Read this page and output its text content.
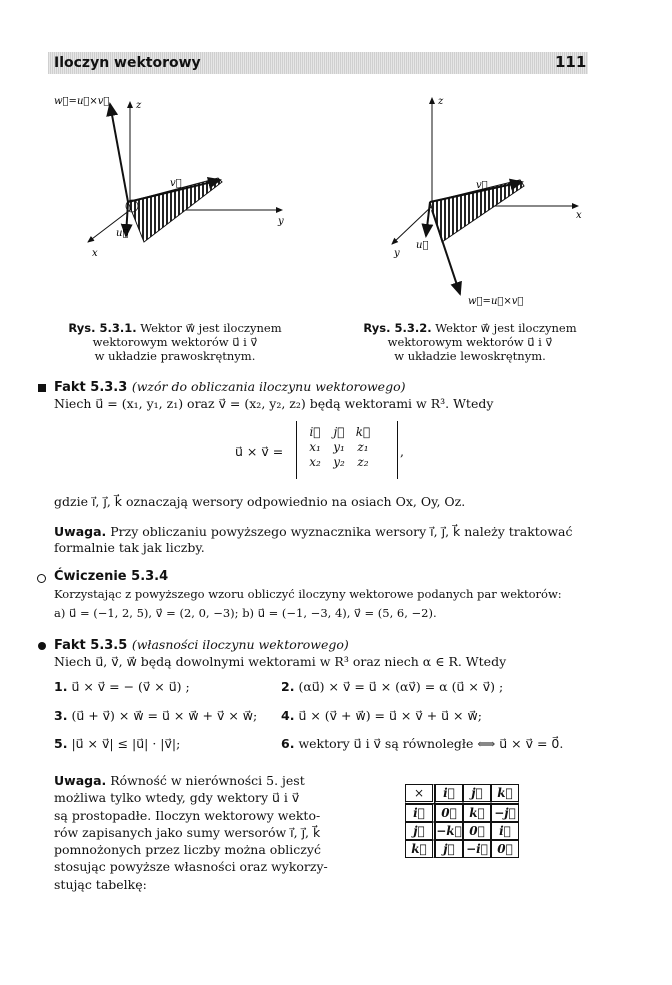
Iloczyn wektorowy	111
w⃗=u⃗×v⃗	z
y
x
v⃗
u⃗
Rys. 5.3.1. Wektor w⃗ jest iloczynem
wektorowym wektorów u⃗ i v⃗
w układzie prawoskrętnym.
z
x
y
v⃗
u⃗
w⃗=u⃗×v⃗
Rys. 5.3.2. Wektor w⃗ jest iloczynem
wektorowym wektorów u⃗ i v⃗
w układzie lewoskrętnym.
Fakt 5.3.3 (wzór do obliczania iloczynu wektorowego)
Niech u⃗ = (x₁, y₁, z₁) oraz v⃗ = (x₂, y₂, z₂) będą wektorami w R³. Wtedy
u⃗ × v⃗ =
i⃗	j⃗	k⃗
x₁	y₁	z₁
x₂	y₂	z₂
,
gdzie i⃗, j⃗, k⃗ oznaczają wersory odpowiednio na osiach Ox, Oy, Oz.
Uwaga. Przy obliczaniu powyższego wyznacznika wersory i⃗, j⃗, k⃗ należy traktować
formalnie tak jak liczby.
Ćwiczenie 5.3.4
Korzystając z powyższego wzoru obliczyć iloczyny wektorowe podanych par wektorów:
a) u⃗ = (−1, 2, 5), v⃗ = (2, 0, −3); b) u⃗ = (−1, −3, 4), v⃗ = (5, 6, −2).
Fakt 5.3.5 (własności iloczynu wektorowego)
Niech u⃗, v⃗, w⃗ będą dowolnymi wektorami w R³ oraz niech α ∈ R. Wtedy
1. u⃗ × v⃗ = − (v⃗ × u⃗) ;	2. (αu⃗) × v⃗ = u⃗ × (αv⃗) = α (u⃗ × v⃗) ;
3. (u⃗ + v⃗) × w⃗ = u⃗ × w⃗ + v⃗ × w⃗; 4. u⃗ × (v⃗ + w⃗) = u⃗ × v⃗ + u⃗ × w⃗;
5. |u⃗ × v⃗| ≤ |u⃗| · |v⃗|;	6. wektory u⃗ i v⃗ są równoległe ⟺ u⃗ × v⃗ = 0⃗.
Uwaga. Równość w nierówności 5. jest
możliwa tylko wtedy, gdy wektory u⃗ i v⃗
są prostopadłe. Iloczyn wektorowy wekto-
rów zapisanych jako sumy wersorów i⃗, j⃗, k⃗
pomnożonych przez liczby można obliczyć
stosując powyższe własności oraz wykorzy-
stując tabelkę:
×	i⃗	j⃗	k⃗
i⃗	0⃗	k⃗	−j⃗
j⃗	−k⃗	0⃗	i⃗
k⃗	j⃗	−i⃗	0⃗
